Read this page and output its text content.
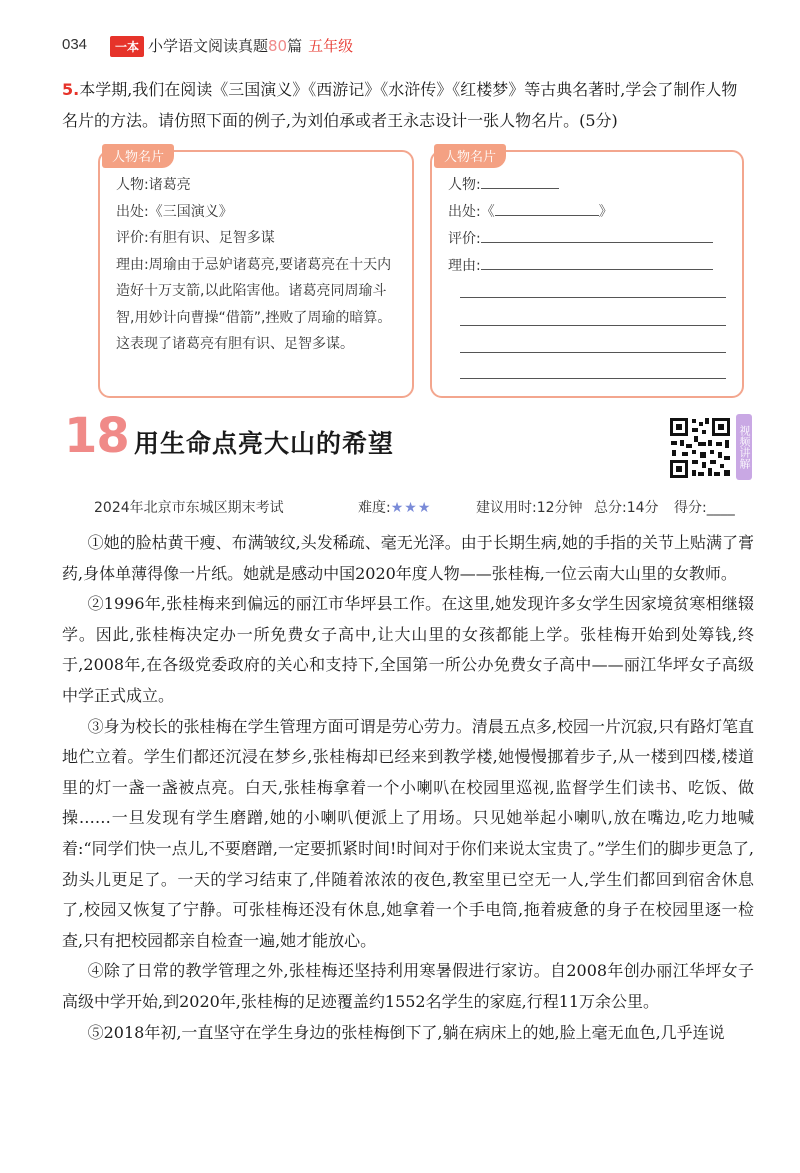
034	一本 小学语文阅读真题80篇 五年级
5.本学期,我们在阅读《三国演义》《西游记》《水浒传》《红楼梦》等古典名著时,学会了制作人物名片的方法。请仿照下面的例子,为刘伯承或者王永志设计一张人物名片。(5分)
人物名片
人物:诸葛亮
出处:《三国演义》
评价:有胆有识、足智多谋
理由:周瑜由于忌妒诸葛亮,要诸葛亮在十天内造好十万支箭,以此陷害他。诸葛亮同周瑜斗智,用妙计向曹操“借箭”,挫败了周瑜的暗算。这表现了诸葛亮有胆有识、足智多谋。
人物名片
人物:
出处:《	》
评价:
理由:
18 用生命点亮大山的希望	视频讲解
2024年北京市东城区期末考试	难度:★★★	建议用时:12分钟 总分:14分 得分:____

①她的脸枯黄干瘦、布满皱纹,头发稀疏、毫无光泽。由于长期生病,她的手指的关节上贴满了膏药,身体单薄得像一片纸。她就是感动中国2020年度人物——张桂梅,一位云南大山里的女教师。

②1996年,张桂梅来到偏远的丽江市华坪县工作。在这里,她发现许多女学生因家境贫寒相继辍学。因此,张桂梅决定办一所免费女子高中,让大山里的女孩都能上学。张桂梅开始到处筹钱,终于,2008年,在各级党委政府的关心和支持下,全国第一所公办免费女子高中——丽江华坪女子高级中学正式成立。

③身为校长的张桂梅在学生管理方面可谓是劳心劳力。清晨五点多,校园一片沉寂,只有路灯笔直地伫立着。学生们都还沉浸在梦乡,张桂梅却已经来到教学楼,她慢慢挪着步子,从一楼到四楼,楼道里的灯一盏一盏被点亮。白天,张桂梅拿着一个小喇叭在校园里巡视,监督学生们读书、吃饭、做操……一旦发现有学生磨蹭,她的小喇叭便派上了用场。只见她举起小喇叭,放在嘴边,吃力地喊着:“同学们快一点儿,不要磨蹭,一定要抓紧时间!时间对于你们来说太宝贵了。”学生们的脚步更急了,劲头儿更足了。一天的学习结束了,伴随着浓浓的夜色,教室里已空无一人,学生们都回到宿舍休息了,校园又恢复了宁静。可张桂梅还没有休息,她拿着一个手电筒,拖着疲惫的身子在校园里逐一检查,只有把校园都亲自检查一遍,她才能放心。

④除了日常的教学管理之外,张桂梅还坚持利用寒暑假进行家访。自2008年创办丽江华坪女子高级中学开始,到2020年,张桂梅的足迹覆盖约1552名学生的家庭,行程11万余公里。

⑤2018年初,一直坚守在学生身边的张桂梅倒下了,躺在病床上的她,脸上毫无血色,几乎连说
